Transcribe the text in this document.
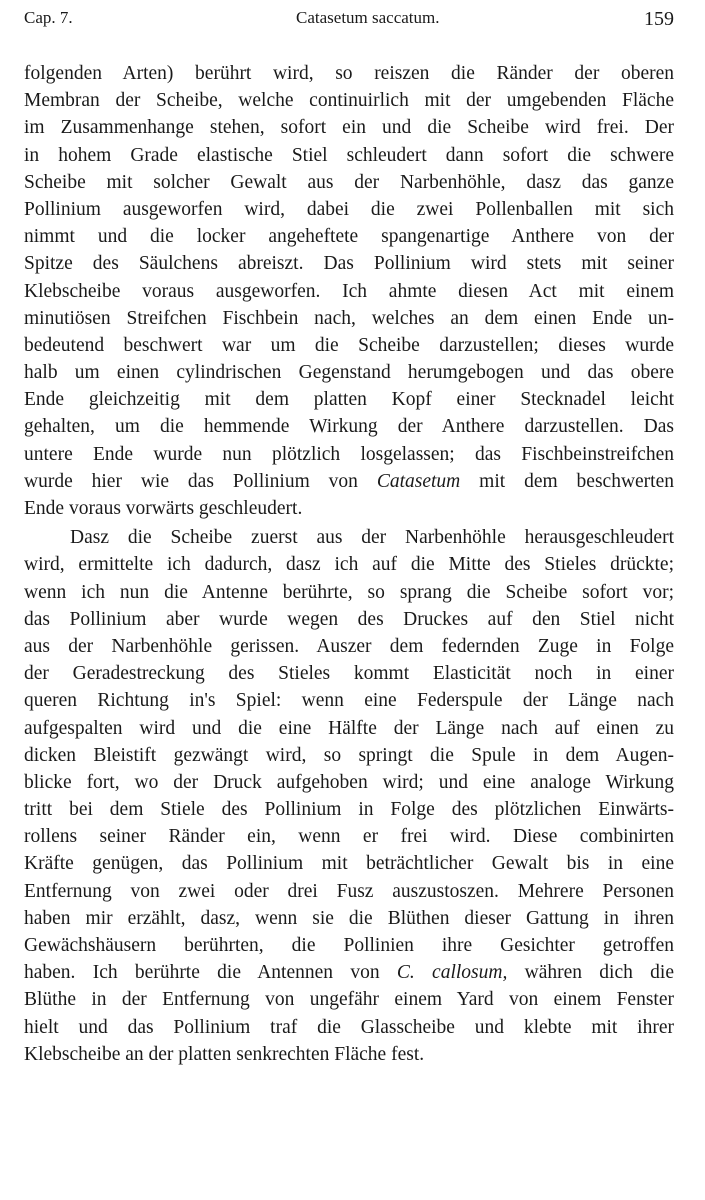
Cap. 7.	Catasetum saccatum.	159
folgenden Arten) berührt wird, so reiszen die Ränder der oberen
Membran der Scheibe, welche continuirlich mit der umgebenden Fläche
im Zusammenhange stehen, sofort ein und die Scheibe wird frei. Der
in hohem Grade elastische Stiel schleudert dann sofort die schwere
Scheibe mit solcher Gewalt aus der Narbenhöhle, dasz das ganze
Pollinium ausgeworfen wird, dabei die zwei Pollenballen mit sich
nimmt und die locker angeheftete spangenartige Anthere von der
Spitze des Säulchens abreiszt. Das Pollinium wird stets mit seiner
Klebscheibe voraus ausgeworfen. Ich ahmte diesen Act mit einem
minutiösen Streifchen Fischbein nach, welches an dem einen Ende un-
bedeutend beschwert war um die Scheibe darzustellen; dieses wurde
halb um einen cylindrischen Gegenstand herumgebogen und das obere
Ende gleichzeitig mit dem platten Kopf einer Stecknadel leicht
gehalten, um die hemmende Wirkung der Anthere darzustellen. Das
untere Ende wurde nun plötzlich losgelassen; das Fischbeinstreifchen
wurde hier wie das Pollinium von Catasetum mit dem beschwerten
Ende voraus vorwärts geschleudert.
Dasz die Scheibe zuerst aus der Narbenhöhle herausgeschleudert
wird, ermittelte ich dadurch, dasz ich auf die Mitte des Stieles drückte;
wenn ich nun die Antenne berührte, so sprang die Scheibe sofort vor;
das Pollinium aber wurde wegen des Druckes auf den Stiel nicht
aus der Narbenhöhle gerissen. Auszer dem federnden Zuge in Folge
der Geradestreckung des Stieles kommt Elasticität noch in einer
queren Richtung in's Spiel: wenn eine Federspule der Länge nach
aufgespalten wird und die eine Hälfte der Länge nach auf einen zu
dicken Bleistift gezwängt wird, so springt die Spule in dem Augen-
blicke fort, wo der Druck aufgehoben wird; und eine analoge Wirkung
tritt bei dem Stiele des Pollinium in Folge des plötzlichen Einwärts-
rollens seiner Ränder ein, wenn er frei wird. Diese combinirten
Kräfte genügen, das Pollinium mit beträchtlicher Gewalt bis in eine
Entfernung von zwei oder drei Fusz auszustoszen. Mehrere Personen
haben mir erzählt, dasz, wenn sie die Blüthen dieser Gattung in ihren
Gewächshäusern berührten, die Pollinien ihre Gesichter getroffen
haben. Ich berührte die Antennen von C. callosum, währen dich die
Blüthe in der Entfernung von ungefähr einem Yard von einem Fenster
hielt und das Pollinium traf die Glasscheibe und klebte mit ihrer
Klebscheibe an der platten senkrechten Fläche fest.
